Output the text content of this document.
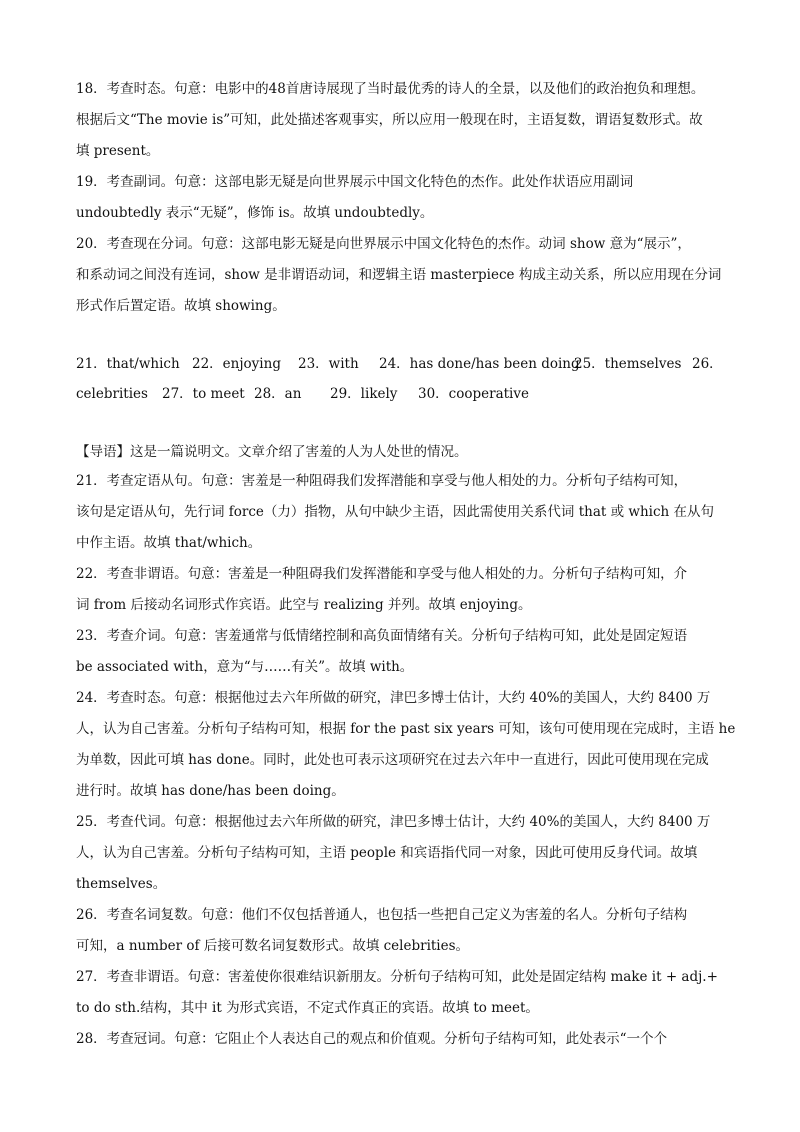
18．考查时态。句意：电影中的48首唐诗展现了当时最优秀的诗人的全景，以及他们的政治抱负和理想。
根据后文“The movie is”可知，此处描述客观事实，所以应用一般现在时，主语复数，谓语复数形式。故
填 present。
19．考查副词。句意：这部电影无疑是向世界展示中国文化特色的杰作。此处作状语应用副词
undoubtedly 表示“无疑”，修饰 is。故填 undoubtedly。
20．考查现在分词。句意：这部电影无疑是向世界展示中国文化特色的杰作。动词 show 意为“展示”，
和系动词之间没有连词，show 是非谓语动词，和逻辑主语 masterpiece 构成主动关系，所以应用现在分词
形式作后置定语。故填 showing。
21．that/which 22．enjoying 23．with 24．has done/has been doing
25．themselves 26．
celebrities 27．to meet 28．an 29．likely 30．cooperative
【导语】这是一篇说明文。文章介绍了害羞的人为人处世的情况。
21．考查定语从句。句意：害羞是一种阻碍我们发挥潜能和享受与他人相处的力。分析句子结构可知，
该句是定语从句，先行词 force（力）指物，从句中缺少主语，因此需使用关系代词 that 或 which 在从句
中作主语。故填 that/which。
22．考查非谓语。句意：害羞是一种阻碍我们发挥潜能和享受与他人相处的力。分析句子结构可知，介
词 from 后接动名词形式作宾语。此空与 realizing 并列。故填 enjoying。
23．考查介词。句意：害羞通常与低情绪控制和高负面情绪有关。分析句子结构可知，此处是固定短语
be associated with，意为“与……有关”。故填 with。
24．考查时态。句意：根据他过去六年所做的研究，津巴多博士估计，大约 40%的美国人，大约 8400 万
人，认为自己害羞。分析句子结构可知，根据 for the past six years 可知，该句可使用现在完成时，主语 he
为单数，因此可填 has done。同时，此处也可表示这项研究在过去六年中一直进行，因此可使用现在完成
进行时。故填 has done/has been doing。
25．考查代词。句意：根据他过去六年所做的研究，津巴多博士估计，大约 40%的美国人，大约 8400 万
人，认为自己害羞。分析句子结构可知，主语 people 和宾语指代同一对象，因此可使用反身代词。故填
themselves。
26．考查名词复数。句意：他们不仅包括普通人，也包括一些把自己定义为害羞的名人。分析句子结构
可知，a number of 后接可数名词复数形式。故填 celebrities。
27．考查非谓语。句意：害羞使你很难结识新朋友。分析句子结构可知，此处是固定结构 make it + adj.+
to do sth.结构，其中 it 为形式宾语，不定式作真正的宾语。故填 to meet。
28．考查冠词。句意：它阻止个人表达自己的观点和价值观。分析句子结构可知，此处表示“一个个
